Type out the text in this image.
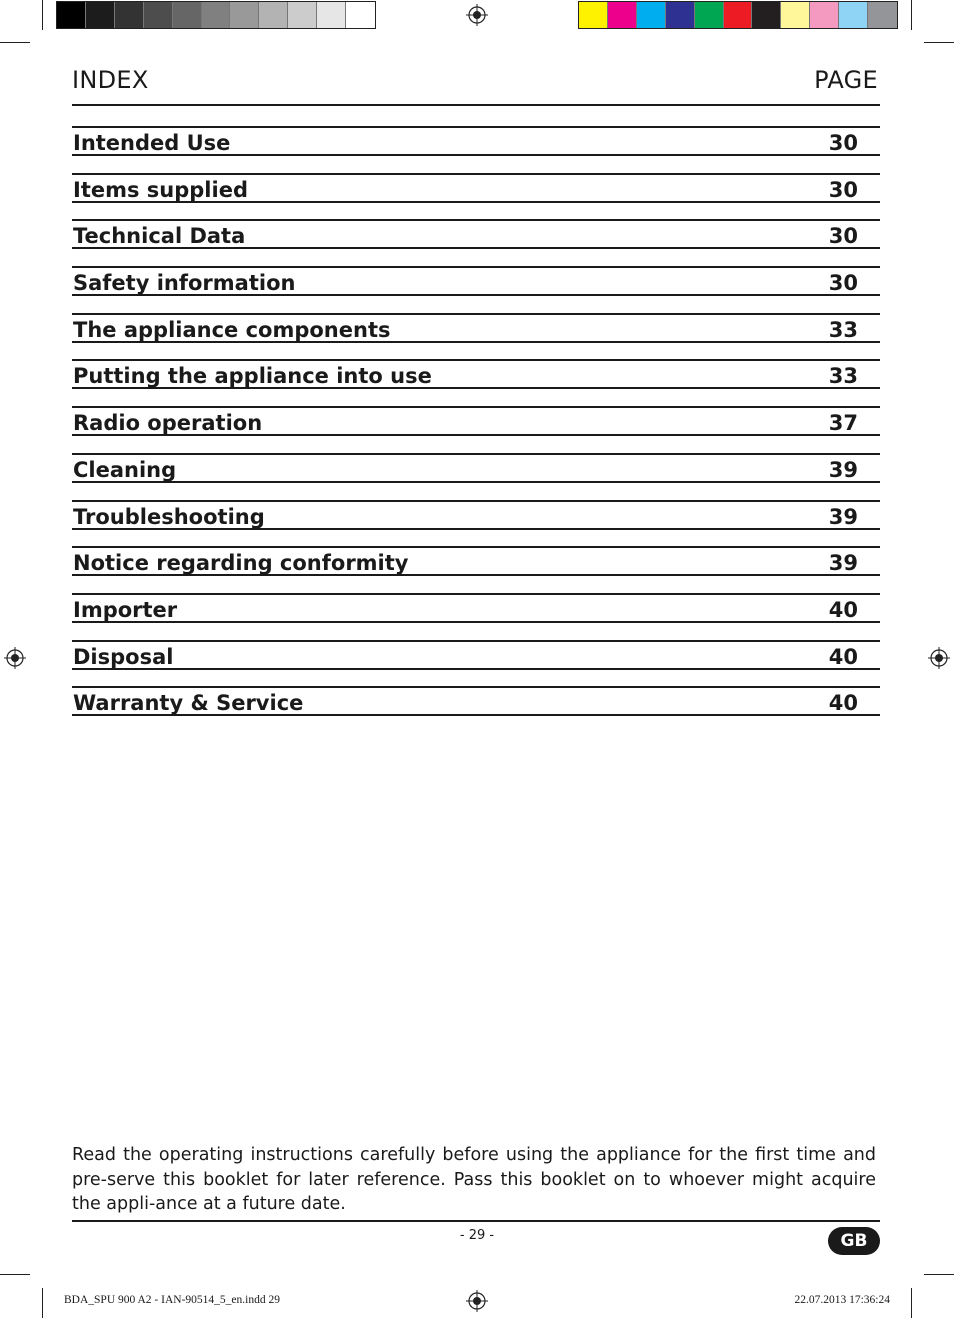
INDEX	PAGE
Intended Use	30
Items supplied	30
Technical Data	30
Safety information	30
The appliance components	33
Putting the appliance into use	33
Radio operation	37
Cleaning	39
Troubleshooting	39
Notice regarding conformity	39
Importer	40
Disposal	40
Warranty & Service	40
Read the operating instructions carefully before using the appliance for the first time and pre-serve this booklet for later reference. Pass this booklet on to whoever might acquire the appli-ance at a future date.
- 29 -	GB
BDA_SPU 900 A2 - IAN-90514_5_en.indd 29	22.07.2013 17:36:24
